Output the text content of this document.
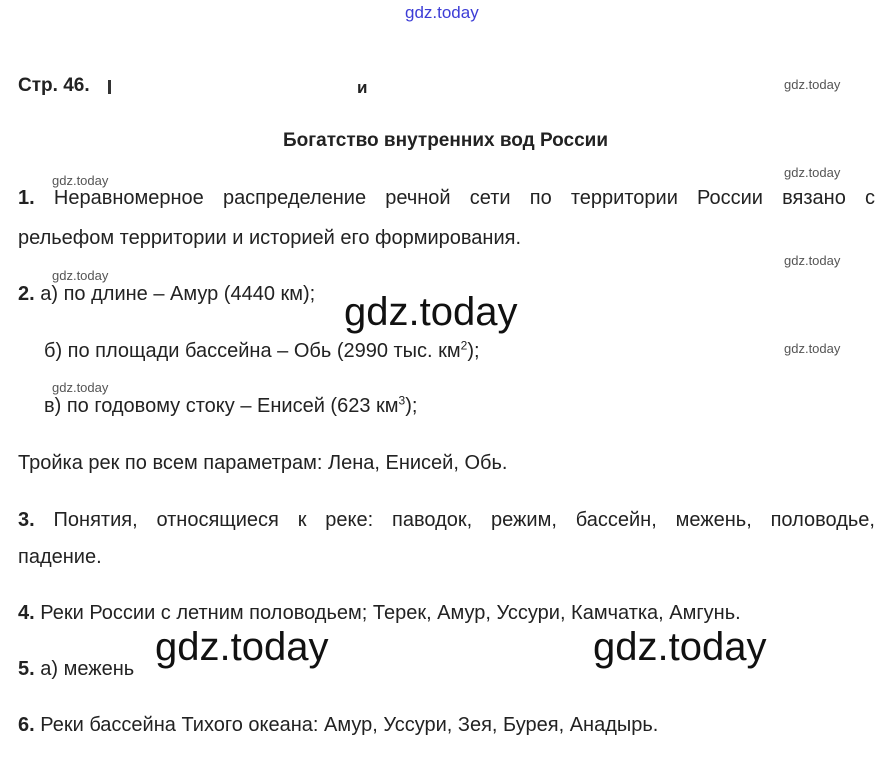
gdz.today
gdz.today
gdz.today
gdz.today
gdz.today
gdz.today
gdz.today
gdz.today
gdz.today
gdz.today	gdz.today
Стр. 46.	и
Богатство внутренних вод России
1. Неравномерное распределение речной сети по территории России вязано с
рельефом территории и историей его формирования.
2. а) по длине – Амур (4440 км);
б) по площади бассейна – Обь (2990 тыс. $км^2$);
в) по годовому стоку – Енисей (623 $км^3$);
Тройка рек по всем параметрам: Лена, Енисей, Обь.
3. Понятия, относящиеся к реке: паводок, режим, бассейн, межень, половодье,
падение.
4. Реки России с летним половодьем; Терек, Амур, Уссури, Камчатка, Амгунь.
5. а) межень
6. Реки бассейна Тихого океана: Амур, Уссури, Зея, Бурея, Анадырь.
